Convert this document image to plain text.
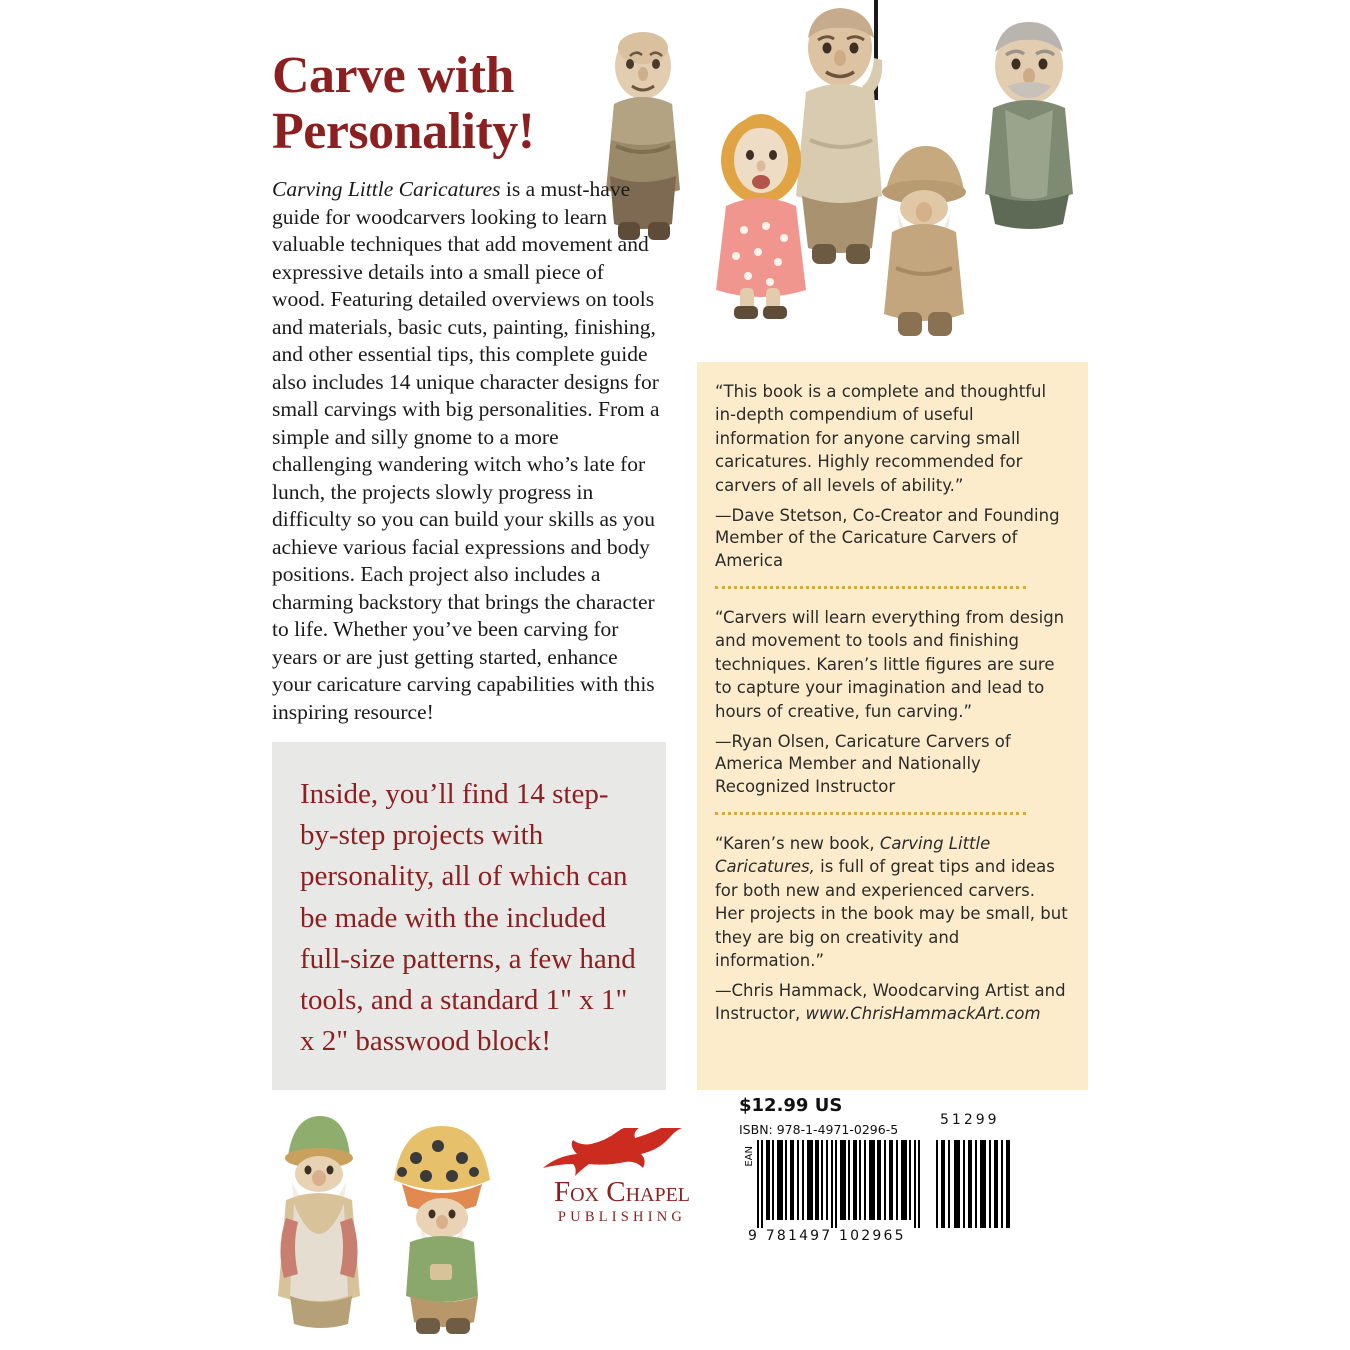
Carve with
Personality!
Carving Little Caricatures is a must-have guide for woodcarvers looking to learn valuable techniques that add movement and expressive details into a small piece of wood. Featuring detailed overviews on tools and materials, basic cuts, painting, finishing, and other essential tips, this complete guide also includes 14 unique character designs for small carvings with big personalities. From a simple and silly gnome to a more challenging wandering witch who’s late for lunch, the projects slowly progress in difficulty so you can build your skills as you achieve various facial expressions and body positions. Each project also includes a charming backstory that brings the character to life. Whether you’ve been carving for years or are just getting started, enhance your caricature carving capabilities with this inspiring resource!
Inside, you’ll find 14 step-by-step projects with personality, all of which can be made with the included full-size patterns, a few hand tools, and a standard 1" x 1" x 2" basswood block!

“This book is a complete and thoughtful in-depth compendium of useful information for anyone carving small caricatures. Highly recommended for carvers of all levels of ability.”

—Dave Stetson, Co-Creator and Founding Member of the Caricature Carvers of America

“Carvers will learn everything from design and movement to tools and finishing techniques. Karen’s little figures are sure to capture your imagination and lead to hours of creative, fun carving.”

—Ryan Olsen, Caricature Carvers of America Member and Nationally Recognized Instructor

“Karen’s new book, Carving Little Caricatures, is full of great tips and ideas for both new and experienced carvers. Her projects in the book may be small, but they are big on creativity and information.”

—Chris Hammack, Woodcarving Artist and Instructor, www.ChrisHammackArt.com

Fox Chapel
PUBLISHING
$12.99 US
ISBN: 978-1-4971-0296-5
EAN
9 781497 102965
51299
